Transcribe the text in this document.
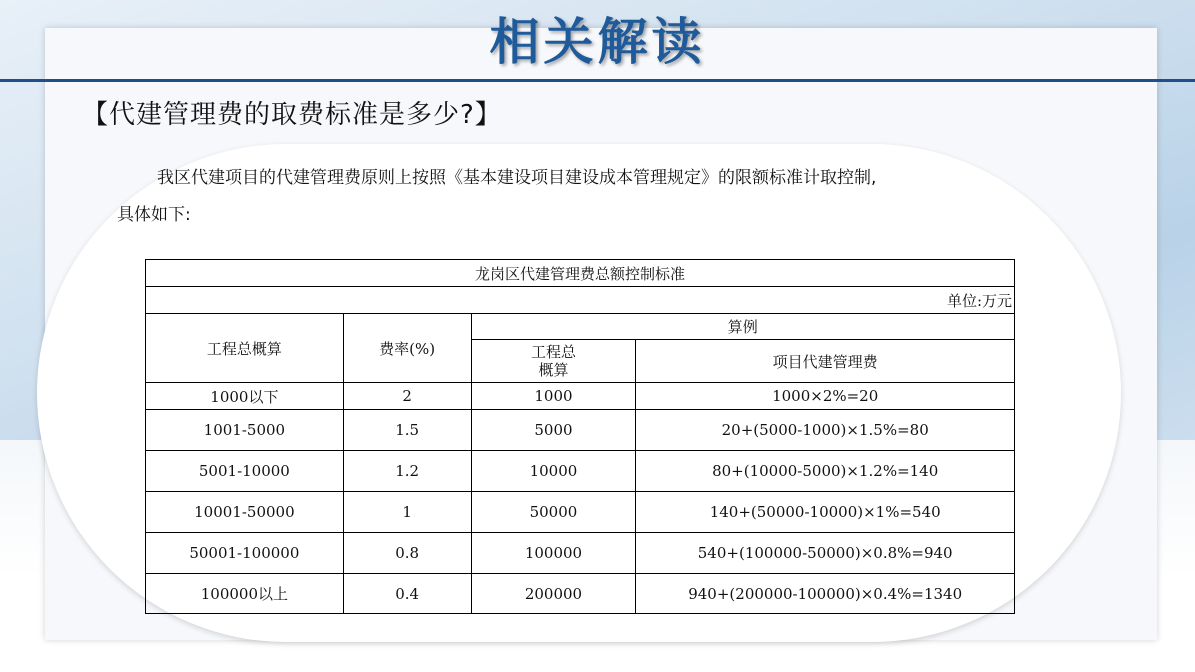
相关解读
【代建管理费的取费标准是多少?】
我区代建项目的代建管理费原则上按照《基本建设项目建设成本管理规定》的限额标准计取控制,
具体如下:
龙岗区代建管理费总额控制标准			
单位:万元			
工程总概算	费率(%)	算例	
		工程总
概算	项目代建管理费
1000以下	2	1000	1000×2%=20
1001-5000	1.5	5000	20+(5000-1000)×1.5%=80
5001-10000	1.2	10000	80+(10000-5000)×1.2%=140
10001-50000	1	50000	140+(50000-10000)×1%=540
50001-100000	0.8	100000	540+(100000-50000)×0.8%=940
100000以上	0.4	200000	940+(200000-100000)×0.4%=1340
